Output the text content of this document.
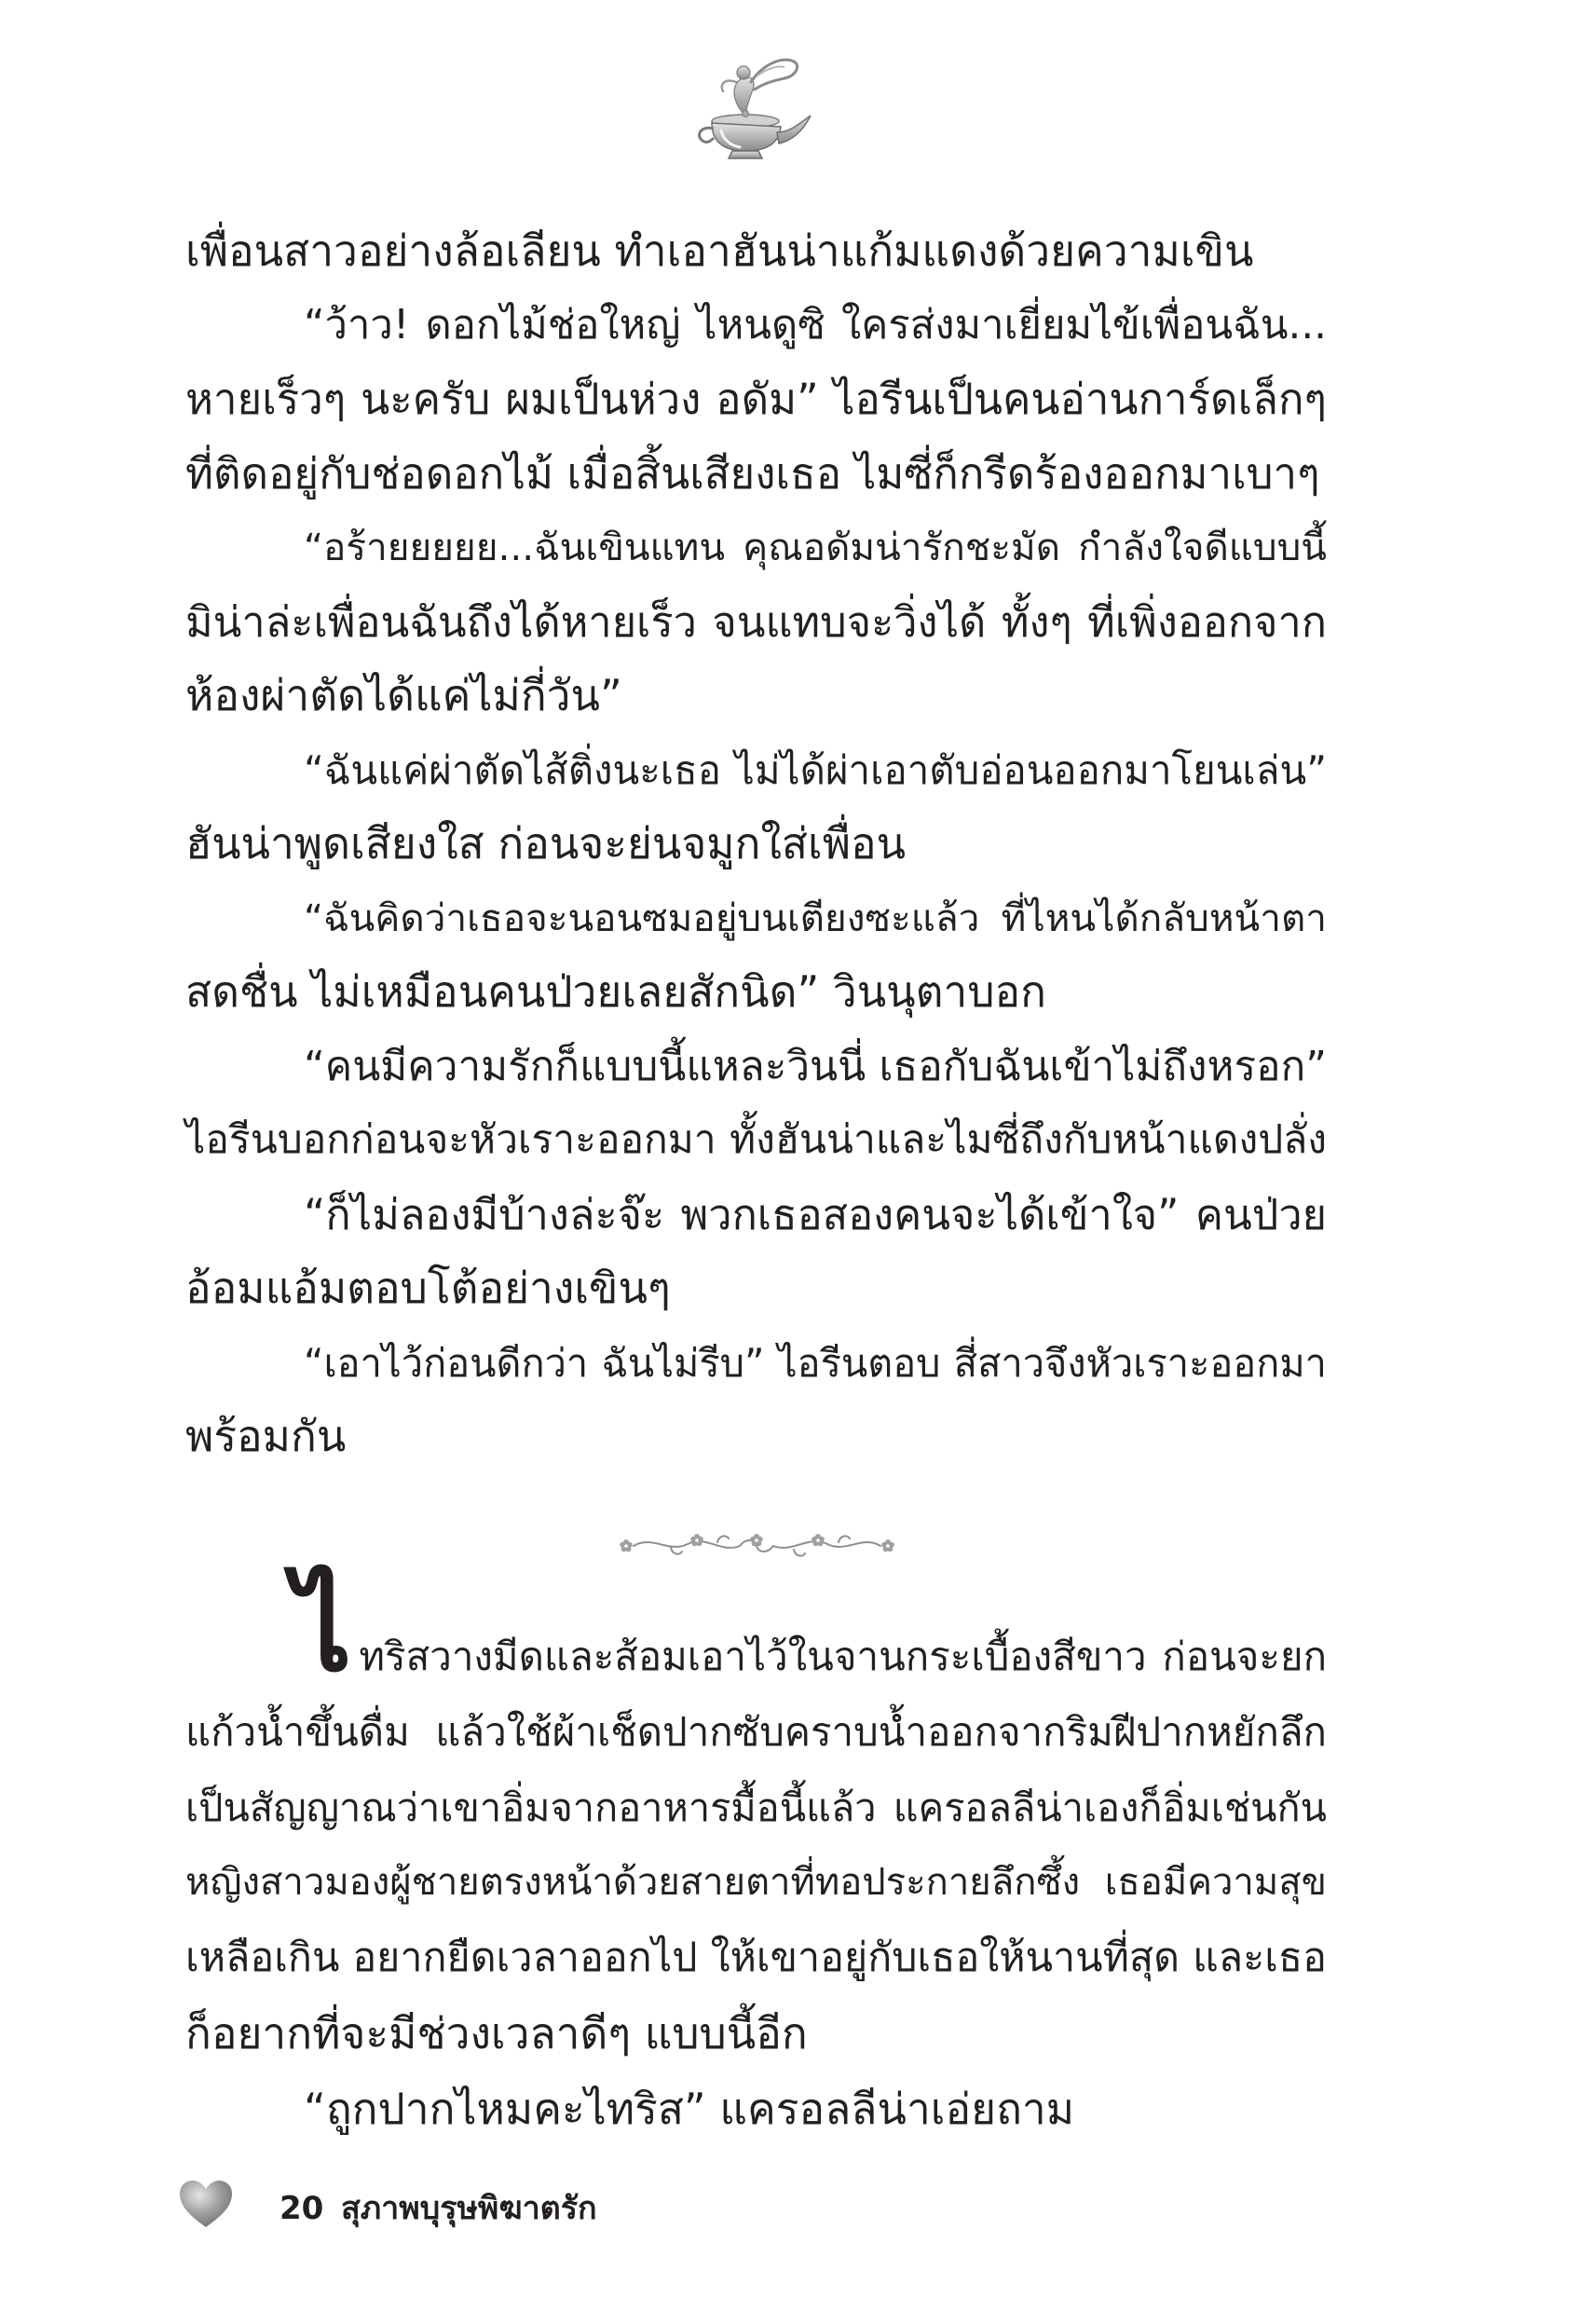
เพื่อนสาวอย่างล้อเลียน ทำเอาฮันน่าแก้มแดงด้วยความเขิน
“ว้าว! ดอกไม้ช่อใหญ่ ไหนดูซิ ใครส่งมาเยี่ยมไข้เพื่อนฉัน...
หายเร็วๆ นะครับ ผมเป็นห่วง อดัม” ไอรีนเป็นคนอ่านการ์ดเล็กๆ
ที่ติดอยู่กับช่อดอกไม้ เมื่อสิ้นเสียงเธอ ไมซี่ก็กรีดร้องออกมาเบาๆ
“อร้ายยยยย...ฉันเขินแทน คุณอดัมน่ารักชะมัด กำลังใจดีแบบนี้
มิน่าล่ะเพื่อนฉันถึงได้หายเร็ว จนแทบจะวิ่งได้ ทั้งๆ ที่เพิ่งออกจาก
ห้องผ่าตัดได้แค่ไม่กี่วัน”
“ฉันแค่ผ่าตัดไส้ติ่งนะเธอ ไม่ได้ผ่าเอาตับอ่อนออกมาโยนเล่น”
ฮันน่าพูดเสียงใส ก่อนจะย่นจมูกใส่เพื่อน
“ฉันคิดว่าเธอจะนอนซมอยู่บนเตียงซะแล้ว ที่ไหนได้กลับหน้าตา
สดชื่น ไม่เหมือนคนป่วยเลยสักนิด” วินนุตาบอก
“คนมีความรักก็แบบนี้แหละวินนี่ เธอกับฉันเข้าไม่ถึงหรอก”
ไอรีนบอกก่อนจะหัวเราะออกมา ทั้งฮันน่าและไมซี่ถึงกับหน้าแดงปลั่ง
“ก็ไม่ลองมีบ้างล่ะจ๊ะ พวกเธอสองคนจะได้เข้าใจ” คนป่วย
อ้อมแอ้มตอบโต้อย่างเขินๆ
“เอาไว้ก่อนดีกว่า ฉันไม่รีบ” ไอรีนตอบ สี่สาวจึงหัวเราะออกมา
พร้อมกัน
ไทริสวางมีดและส้อมเอาไว้ในจานกระเบื้องสีขาว ก่อนจะยก
แก้วน้ำขึ้นดื่ม แล้วใช้ผ้าเช็ดปากซับคราบน้ำออกจากริมฝีปากหยักลึก
เป็นสัญญาณว่าเขาอิ่มจากอาหารมื้อนี้แล้ว แครอลลีน่าเองก็อิ่มเช่นกัน
หญิงสาวมองผู้ชายตรงหน้าด้วยสายตาที่ทอประกายลึกซึ้ง เธอมีความสุข
เหลือเกิน อยากยืดเวลาออกไป ให้เขาอยู่กับเธอให้นานที่สุด และเธอ
ก็อยากที่จะมีช่วงเวลาดีๆ แบบนี้อีก
“ถูกปากไหมคะไทริส” แครอลลีน่าเอ่ยถาม
20 สุภาพบุรุษพิฆาตรัก
